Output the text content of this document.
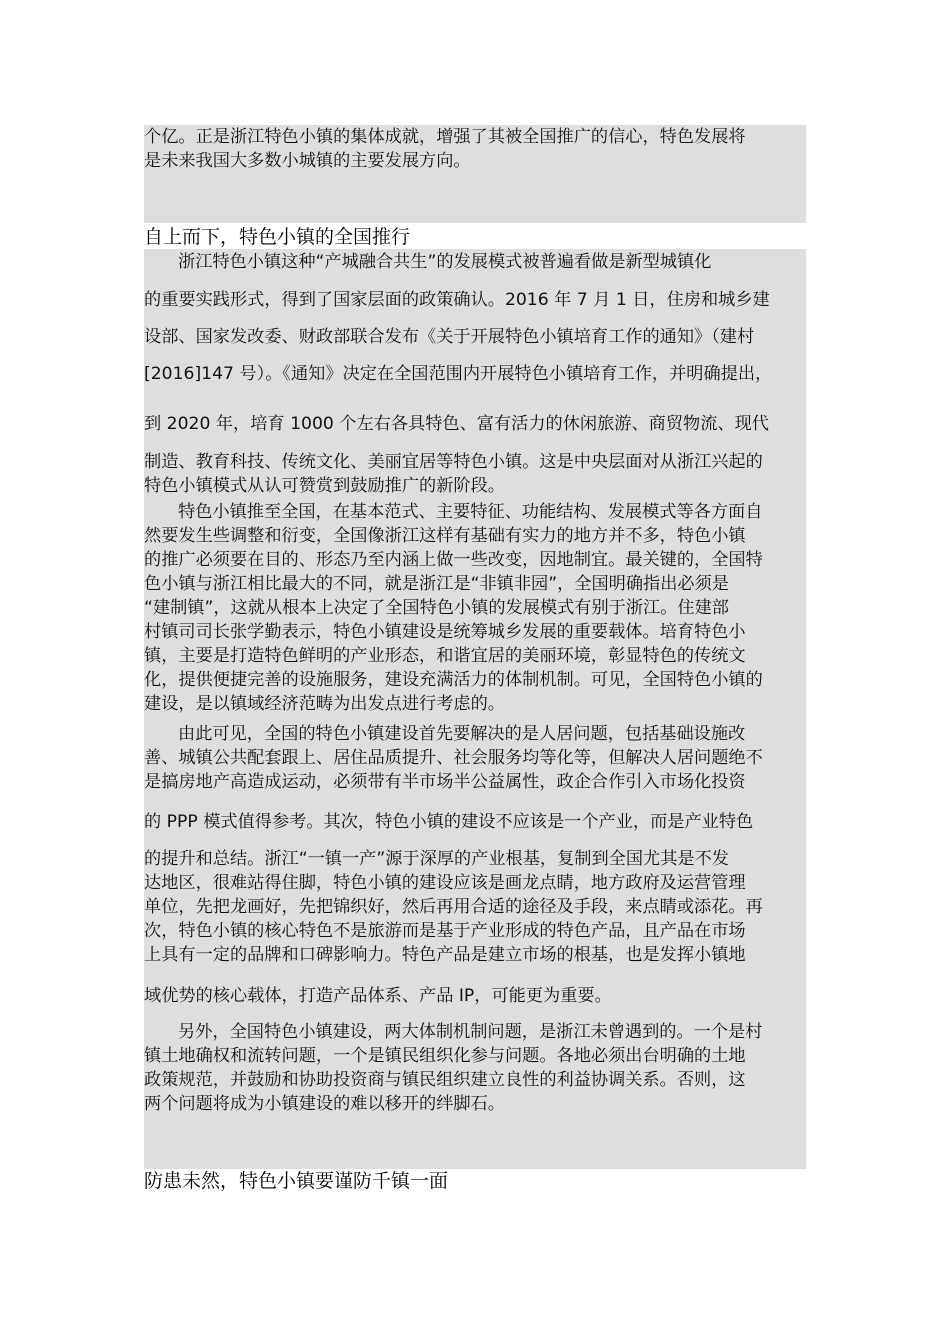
个亿。正是浙江特色小镇的集体成就，增强了其被全国推广的信心，特色发展将
是未来我国大多数小城镇的主要发展方向。
自上而下，特色小镇的全国推行
浙江特色小镇这种“产城融合共生”的发展模式被普遍看做是新型城镇化
的重要实践形式，得到了国家层面的政策确认。2016 年 7 月 1 日，住房和城乡建
设部、国家发改委、财政部联合发布《关于开展特色小镇培育工作的通知》（建村
[2016]147 号）。《通知》决定在全国范围内开展特色小镇培育工作，并明确提出，
到 2020 年，培育 1000 个左右各具特色、富有活力的休闲旅游、商贸物流、现代
制造、教育科技、传统文化、美丽宜居等特色小镇。这是中央层面对从浙江兴起的
特色小镇模式从认可赞赏到鼓励推广的新阶段。
特色小镇推至全国，在基本范式、主要特征、功能结构、发展模式等各方面自
然要发生些调整和衍变，全国像浙江这样有基础有实力的地方并不多，特色小镇
的推广必须要在目的、形态乃至内涵上做一些改变，因地制宜。最关键的，全国特
色小镇与浙江相比最大的不同，就是浙江是“非镇非园”，全国明确指出必须是
“建制镇”，这就从根本上决定了全国特色小镇的发展模式有别于浙江。住建部
村镇司司长张学勤表示，特色小镇建设是统筹城乡发展的重要载体。培育特色小
镇，主要是打造特色鲜明的产业形态，和谐宜居的美丽环境，彰显特色的传统文
化，提供便捷完善的设施服务，建设充满活力的体制机制。可见，全国特色小镇的
建设，是以镇域经济范畴为出发点进行考虑的。
由此可见，全国的特色小镇建设首先要解决的是人居问题，包括基础设施改
善、城镇公共配套跟上、居住品质提升、社会服务均等化等，但解决人居问题绝不
是搞房地产高造成运动，必须带有半市场半公益属性，政企合作引入市场化投资
的 PPP 模式值得参考。其次，特色小镇的建设不应该是一个产业，而是产业特色
的提升和总结。浙江“一镇一产”源于深厚的产业根基，复制到全国尤其是不发
达地区，很难站得住脚，特色小镇的建设应该是画龙点睛，地方政府及运营管理
单位，先把龙画好，先把锦织好，然后再用合适的途径及手段，来点睛或添花。再
次，特色小镇的核心特色不是旅游而是基于产业形成的特色产品，且产品在市场
上具有一定的品牌和口碑影响力。特色产品是建立市场的根基，也是发挥小镇地
域优势的核心载体，打造产品体系、产品 IP，可能更为重要。
另外，全国特色小镇建设，两大体制机制问题，是浙江未曾遇到的。一个是村
镇土地确权和流转问题，一个是镇民组织化参与问题。各地必须出台明确的土地
政策规范，并鼓励和协助投资商与镇民组织建立良性的利益协调关系。否则，这
两个问题将成为小镇建设的难以移开的绊脚石。
防患未然，特色小镇要谨防千镇一面
